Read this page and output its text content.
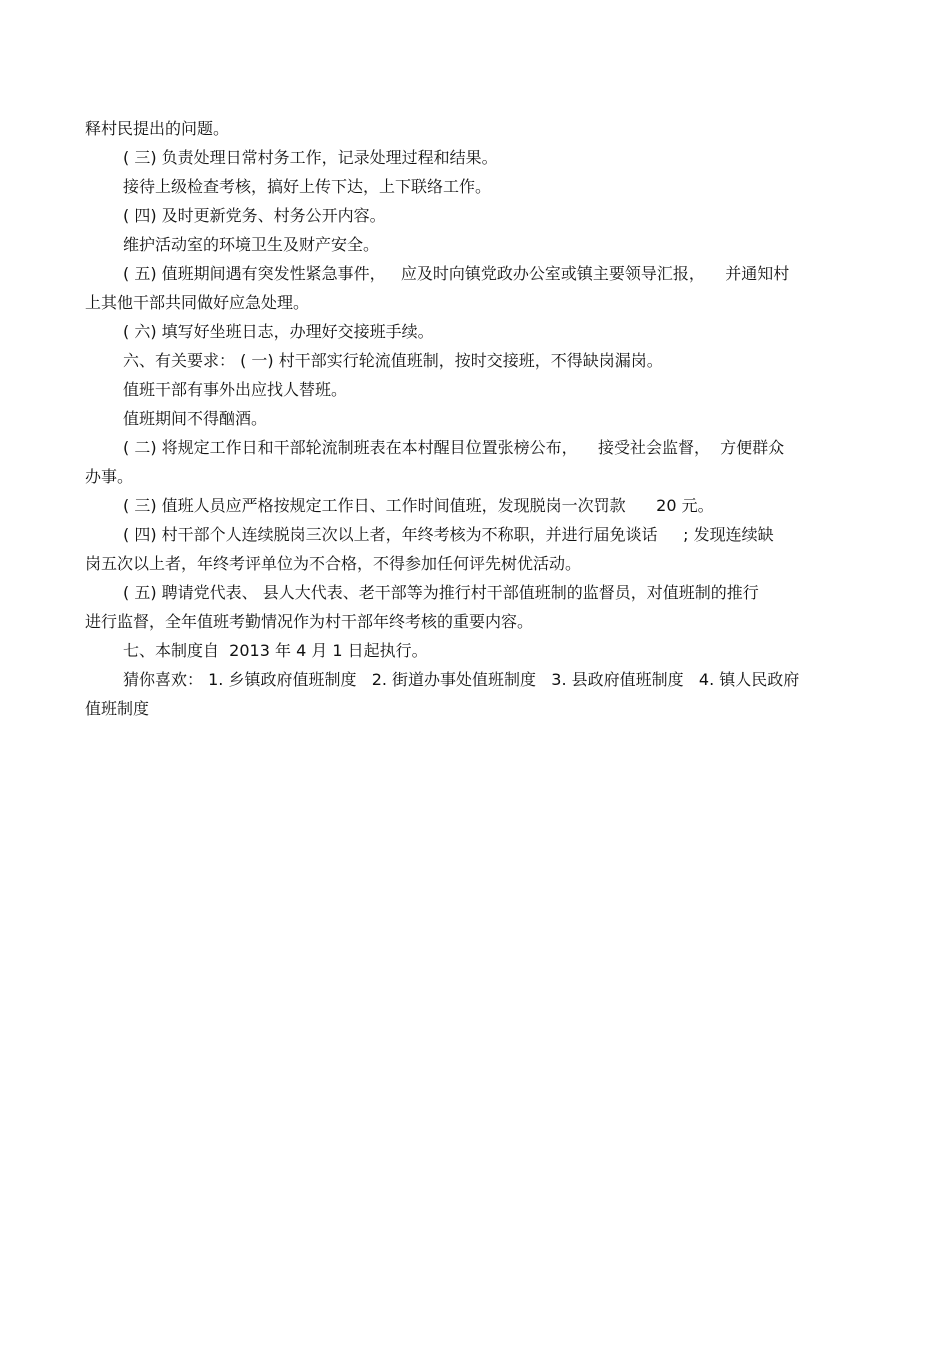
释村民提出的问题。
( 三) 负责处理日常村务工作，记录处理过程和结果。
接待上级检查考核，搞好上传下达，上下联络工作。
( 四) 及时更新党务、村务公开内容。
维护活动室的环境卫生及财产安全。
( 五) 值班期间遇有突发性紧急事件，   应及时向镇党政办公室或镇主要领导汇报，    并通知村
上其他干部共同做好应急处理。
( 六) 填写好坐班日志，办理好交接班手续。
六、有关要求： ( 一) 村干部实行轮流值班制，按时交接班，不得缺岗漏岗。
值班干部有事外出应找人替班。
值班期间不得酗酒。
( 二) 将规定工作日和干部轮流制班表在本村醒目位置张榜公布，    接受社会监督，  方便群众
办事。
( 三) 值班人员应严格按规定工作日、工作时间值班，发现脱岗一次罚款      20 元。
( 四) 村干部个人连续脱岗三次以上者，年终考核为不称职，并进行届免谈话     ; 发现连续缺
岗五次以上者，年终考评单位为不合格，不得参加任何评先树优活动。
( 五) 聘请党代表、 县人大代表、老干部等为推行村干部值班制的监督员，对值班制的推行
进行监督，全年值班考勤情况作为村干部年终考核的重要内容。
七、本制度自  2013 年 4 月 1 日起执行。
猜你喜欢： 1. 乡镇政府值班制度   2. 街道办事处值班制度   3. 县政府值班制度   4. 镇人民政府
值班制度
